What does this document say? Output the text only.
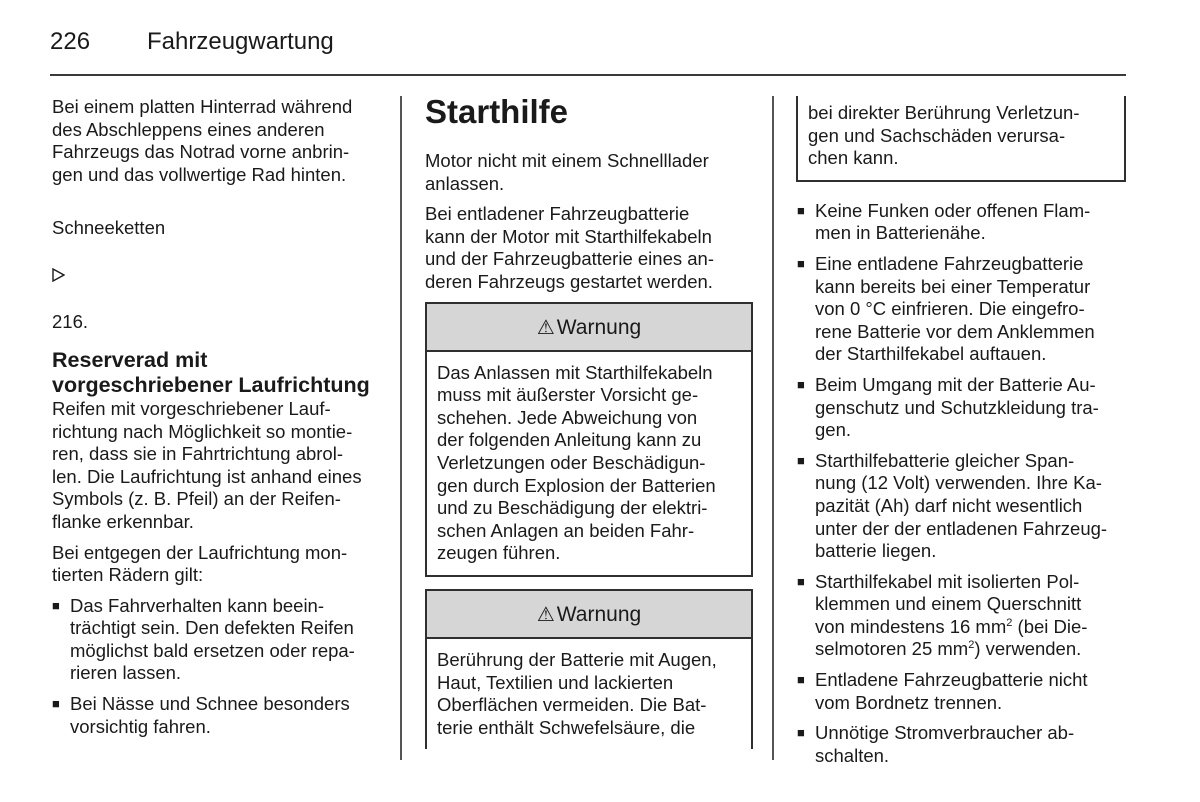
226 Fahrzeugwartung

Bei einem platten Hinterrad während
des Abschleppens eines anderen
Fahrzeugs das Notrad vorne anbrin-
gen und das vollwertige Rad hinten.

Schneeketten

216.

Reserverad mit
vorgeschriebener Laufrichtung

Reifen mit vorgeschriebener Lauf-
richtung nach Möglichkeit so montie-
ren, dass sie in Fahrtrichtung abrol-
len. Die Laufrichtung ist anhand eines
Symbols (z. B. Pfeil) an der Reifen-
flanke erkennbar.

Bei entgegen der Laufrichtung mon-
tierten Rädern gilt:

■ Das Fahrverhalten kann beein-
trächtigt sein. Den defekten Reifen
möglichst bald ersetzen oder repa-
rieren lassen.
■ Bei Nässe und Schnee besonders
vorsichtig fahren.
Starthilfe

Motor nicht mit einem Schnelllader
anlassen.

Bei entladener Fahrzeugbatterie
kann der Motor mit Starthilfekabeln
und der Fahrzeugbatterie eines an-
deren Fahrzeugs gestartet werden.

⚠Warnung
Das Anlassen mit Starthilfekabeln
muss mit äußerster Vorsicht ge-
schehen. Jede Abweichung von
der folgenden Anleitung kann zu
Verletzungen oder Beschädigun-
gen durch Explosion der Batterien
und zu Beschädigung der elektri-
schen Anlagen an beiden Fahr-
zeugen führen.
⚠Warnung
Berührung der Batterie mit Augen,
Haut, Textilien und lackierten
Oberflächen vermeiden. Die Bat-
terie enthält Schwefelsäure, die
bei direkter Berührung Verletzun-
gen und Sachschäden verursa-
chen kann.
■ Keine Funken oder offenen Flam-
men in Batterienähe.
■ Eine entladene Fahrzeugbatterie
kann bereits bei einer Temperatur
von 0 °C einfrieren. Die eingefro-
rene Batterie vor dem Anklemmen
der Starthilfekabel auftauen.
■ Beim Umgang mit der Batterie Au-
genschutz und Schutzkleidung tra-
gen.
■ Starthilfebatterie gleicher Span-
nung (12 Volt) verwenden. Ihre Ka-
pazität (Ah) darf nicht wesentlich
unter der der entladenen Fahrzeug-
batterie liegen.
■ Starthilfekabel mit isolierten Pol-
klemmen und einem Querschnitt
von mindestens 16 $mm^2$ (bei Die-
selmotoren 25 $mm^2$) verwenden.
■ Entladene Fahrzeugbatterie nicht
vom Bordnetz trennen.
■ Unnötige Stromverbraucher ab-
schalten.
